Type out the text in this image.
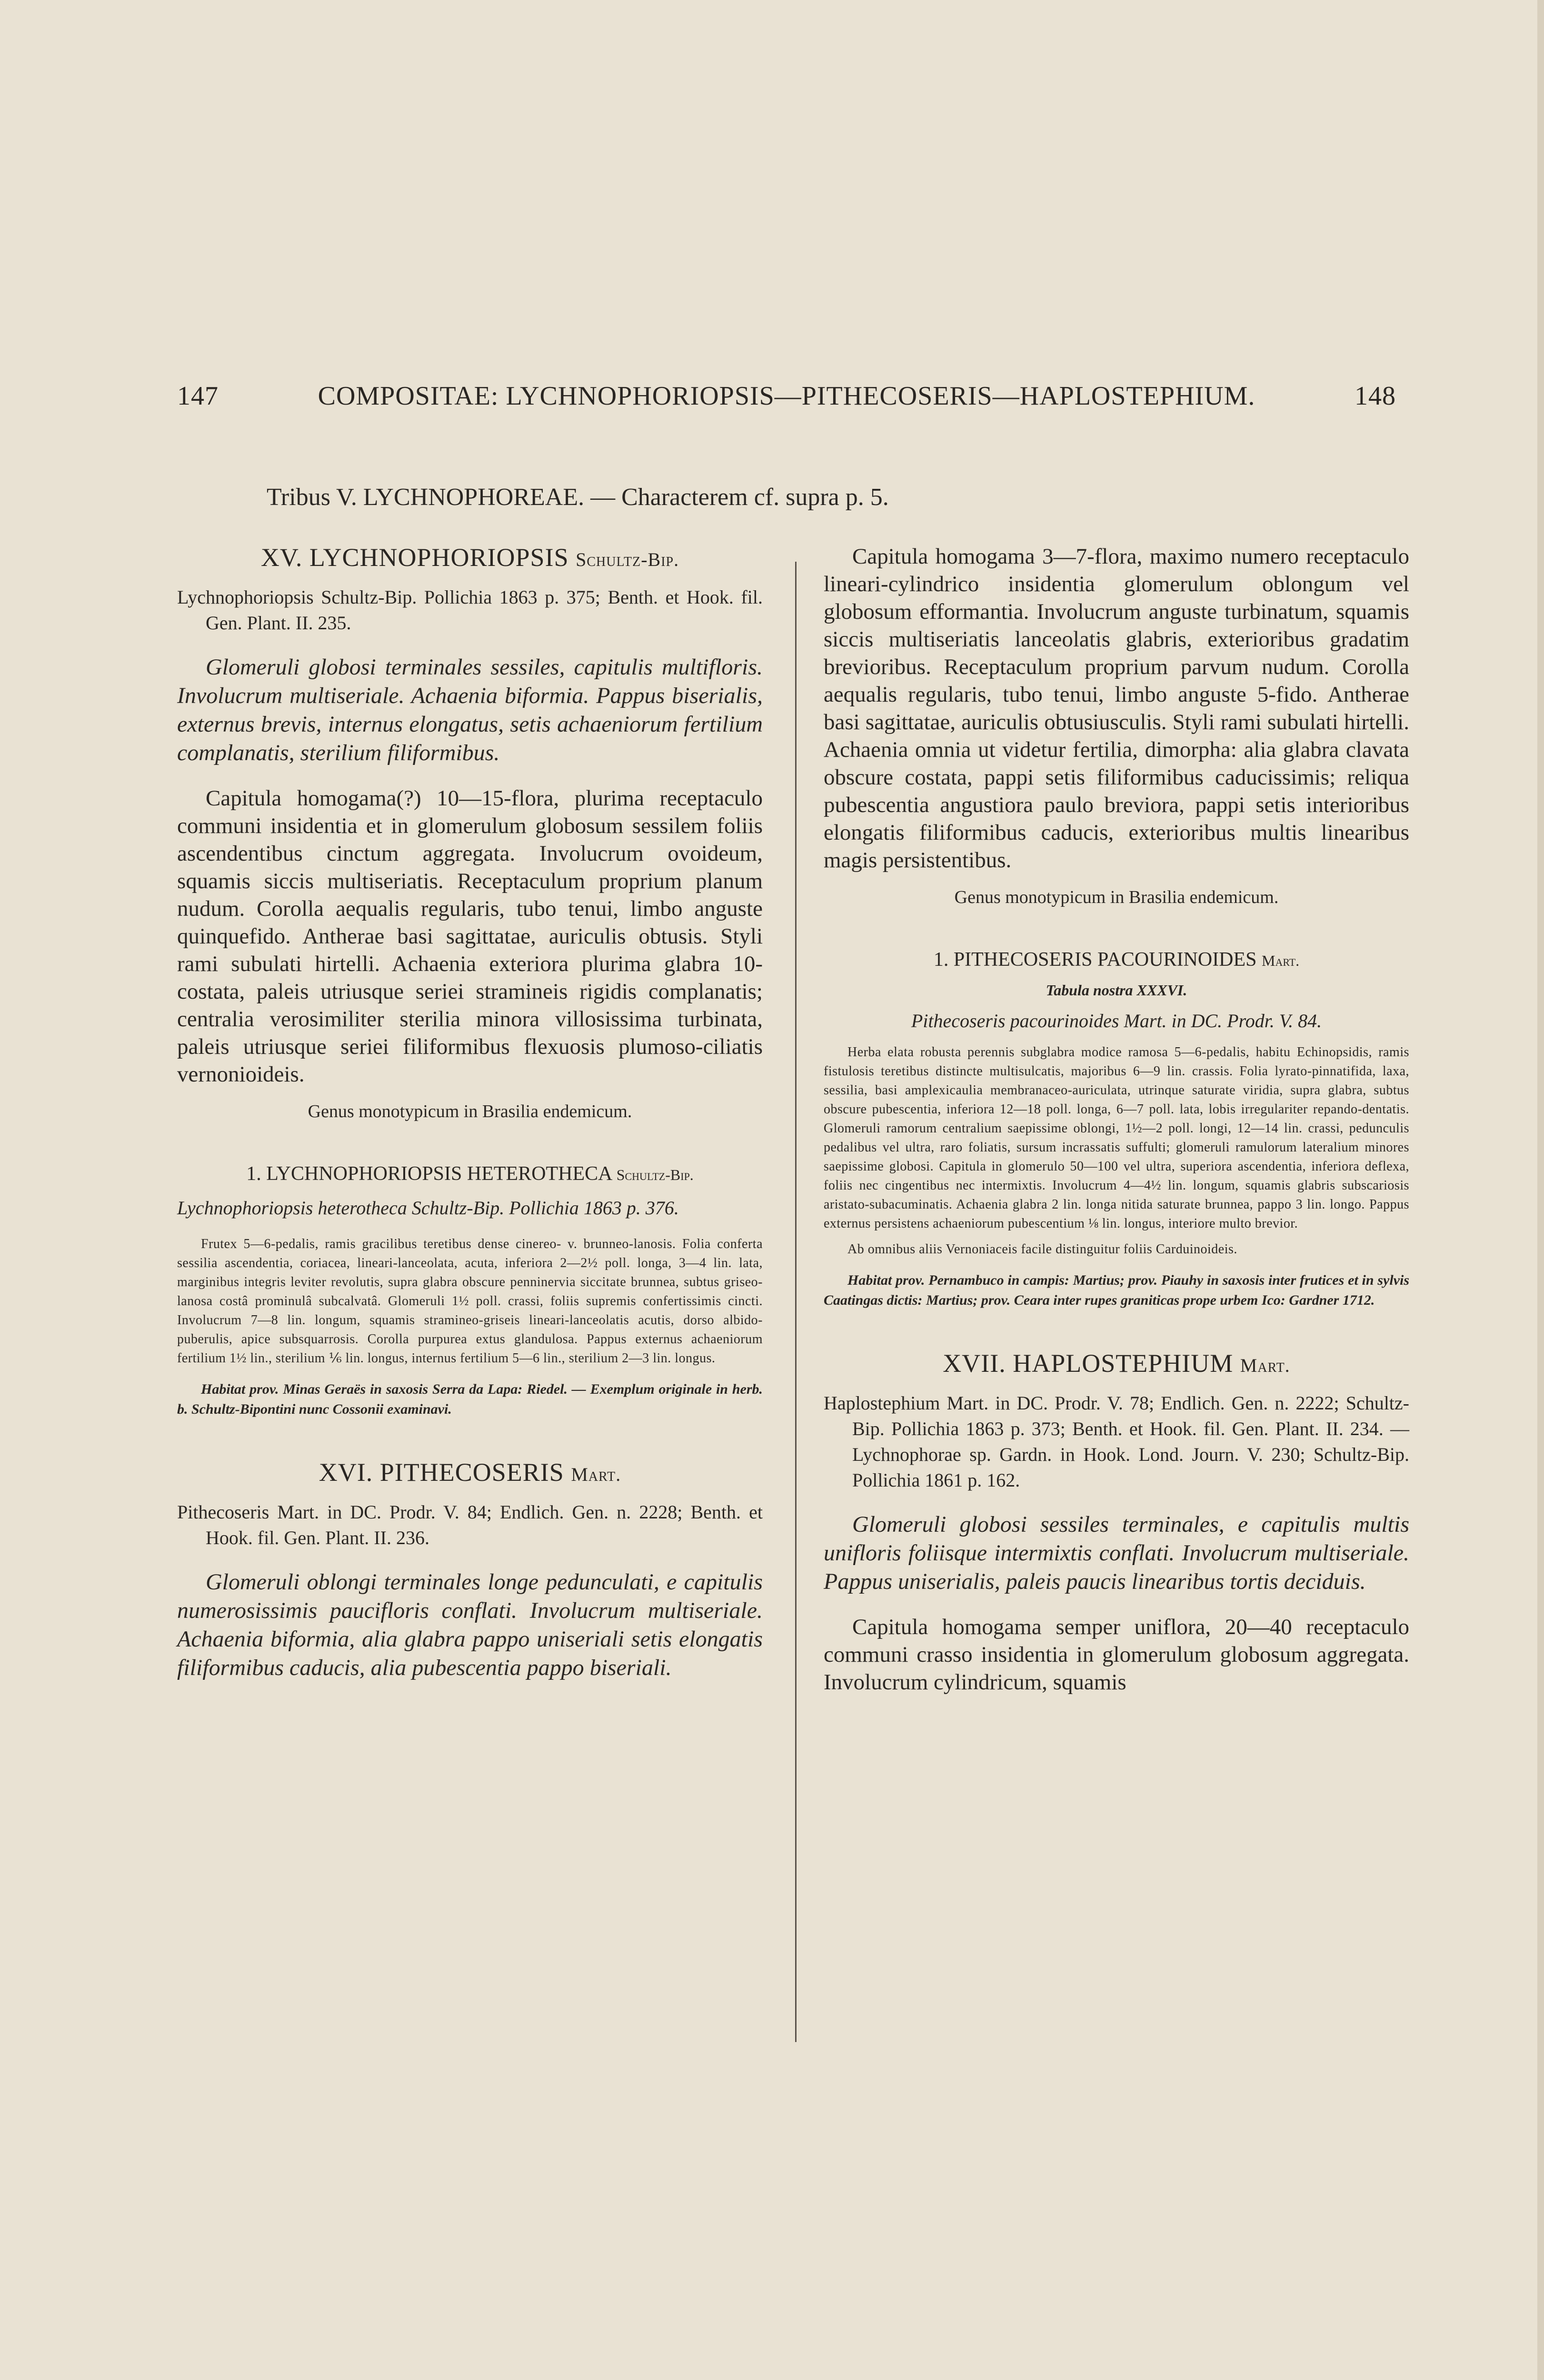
147	COMPOSITAE: LYCHNOPHORIOPSIS—PITHECOSERIS—HAPLOSTEPHIUM.	148
Tribus V. LYCHNOPHOREAE. — Characterem cf. supra p. 5.
XV. LYCHNOPHORIOPSIS Schultz-Bip.

Lychnophoriopsis Schultz-Bip. Pollichia 1863 p. 375; Benth. et Hook. fil. Gen. Plant. II. 235.

Glomeruli globosi terminales sessiles, capitulis multifloris. Involucrum multiseriale. Achaenia biformia. Pappus biserialis, externus brevis, internus elongatus, setis achaeniorum fertilium complanatis, sterilium filiformibus.

Capitula homogama(?) 10—15-flora, plurima receptaculo communi insidentia et in glomerulum globosum sessilem foliis ascendentibus cinctum aggregata. Involucrum ovoideum, squamis siccis multiseriatis. Receptaculum proprium planum nudum. Corolla aequalis regularis, tubo tenui, limbo anguste quinquefido. Antherae basi sagittatae, auriculis obtusis. Styli rami subulati hirtelli. Achaenia exteriora plurima glabra 10-costata, paleis utriusque seriei stramineis rigidis complanatis; centralia verosimiliter sterilia minora villosissima turbinata, paleis utriusque seriei filiformibus flexuosis plumoso-ciliatis vernonioideis.

Genus monotypicum in Brasilia endemicum.

1. LYCHNOPHORIOPSIS HETEROTHECA Schultz-Bip.

Lychnophoriopsis heterotheca Schultz-Bip. Pollichia 1863 p. 376.

Frutex 5—6-pedalis, ramis gracilibus teretibus dense cinereo- v. brunneo-lanosis. Folia conferta sessilia ascendentia, coriacea, lineari-lanceolata, acuta, inferiora 2—2½ poll. longa, 3—4 lin. lata, marginibus integris leviter revolutis, supra glabra obscure penninervia siccitate brunnea, subtus griseo-lanosa costâ prominulâ subcalvatâ. Glomeruli 1½ poll. crassi, foliis supremis confertissimis cincti. Involucrum 7—8 lin. longum, squamis stramineo-griseis lineari-lanceolatis acutis, dorso albido-puberulis, apice subsquarrosis. Corolla purpurea extus glandulosa. Pappus externus achaeniorum fertilium 1½ lin., sterilium ⅙ lin. longus, internus fertilium 5—6 lin., sterilium 2—3 lin. longus.

Habitat prov. Minas Geraës in saxosis Serra da Lapa: Riedel. — Exemplum originale in herb. b. Schultz-Bipontini nunc Cossonii examinavi.

XVI. PITHECOSERIS Mart.

Pithecoseris Mart. in DC. Prodr. V. 84; Endlich. Gen. n. 2228; Benth. et Hook. fil. Gen. Plant. II. 236.

Glomeruli oblongi terminales longe pedunculati, e capitulis numerosissimis paucifloris conflati. Involucrum multiseriale. Achaenia biformia, alia glabra pappo uniseriali setis elongatis filiformibus caducis, alia pubescentia pappo biseriali.

Capitula homogama 3—7-flora, maximo numero receptaculo lineari-cylindrico insidentia glomerulum oblongum vel globosum efformantia. Involucrum anguste turbinatum, squamis siccis multiseriatis lanceolatis glabris, exterioribus gradatim brevioribus. Receptaculum proprium parvum nudum. Corolla aequalis regularis, tubo tenui, limbo anguste 5-fido. Antherae basi sagittatae, auriculis obtusiusculis. Styli rami subulati hirtelli. Achaenia omnia ut videtur fertilia, dimorpha: alia glabra clavata obscure costata, pappi setis filiformibus caducissimis; reliqua pubescentia angustiora paulo breviora, pappi setis interioribus elongatis filiformibus caducis, exterioribus multis linearibus magis persistentibus.

Genus monotypicum in Brasilia endemicum.

1. PITHECOSERIS PACOURINOIDES Mart.

Tabula nostra XXXVI.

Pithecoseris pacourinoides Mart. in DC. Prodr. V. 84.

Herba elata robusta perennis subglabra modice ramosa 5—6-pedalis, habitu Echinopsidis, ramis fistulosis teretibus distincte multisulcatis, majoribus 6—9 lin. crassis. Folia lyrato-pinnatifida, laxa, sessilia, basi amplexicaulia membranaceo-auriculata, utrinque saturate viridia, supra glabra, subtus obscure pubescentia, inferiora 12—18 poll. longa, 6—7 poll. lata, lobis irregulariter repando-dentatis. Glomeruli ramorum centralium saepissime oblongi, 1½—2 poll. longi, 12—14 lin. crassi, pedunculis pedalibus vel ultra, raro foliatis, sursum incrassatis suffulti; glomeruli ramulorum lateralium minores saepissime globosi. Capitula in glomerulo 50—100 vel ultra, superiora ascendentia, inferiora deflexa, foliis nec cingentibus nec intermixtis. Involucrum 4—4½ lin. longum, squamis glabris subscariosis aristato-subacuminatis. Achaenia glabra 2 lin. longa nitida saturate brunnea, pappo 3 lin. longo. Pappus externus persistens achaeniorum pubescentium ⅛ lin. longus, interiore multo brevior.

Ab omnibus aliis Vernoniaceis facile distinguitur foliis Carduinoideis.

Habitat prov. Pernambuco in campis: Martius; prov. Piauhy in saxosis inter frutices et in sylvis Caatingas dictis: Martius; prov. Ceara inter rupes graniticas prope urbem Ico: Gardner 1712.

XVII. HAPLOSTEPHIUM Mart.

Haplostephium Mart. in DC. Prodr. V. 78; Endlich. Gen. n. 2222; Schultz-Bip. Pollichia 1863 p. 373; Benth. et Hook. fil. Gen. Plant. II. 234. — Lychnophorae sp. Gardn. in Hook. Lond. Journ. V. 230; Schultz-Bip. Pollichia 1861 p. 162.

Glomeruli globosi sessiles terminales, e capitulis multis unifloris foliisque intermixtis conflati. Involucrum multiseriale. Pappus uniserialis, paleis paucis linearibus tortis deciduis.

Capitula homogama semper uniflora, 20—40 receptaculo communi crasso insidentia in glomerulum globosum aggregata. Involucrum cylindricum, squamis
